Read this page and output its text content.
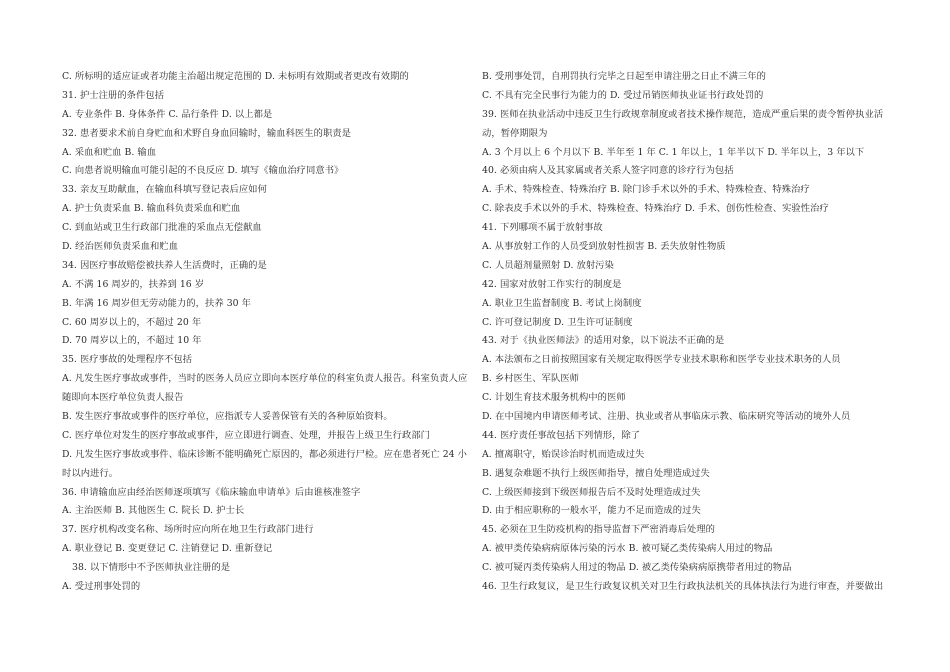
C. 所标明的适应证或者功能主治超出规定范围的 D. 未标明有效期或者更改有效期的
31. 护士注册的条件包括
A. 专业条件 B. 身体条件 C. 品行条件 D. 以上都是
32. 患者要求术前自身贮血和术野自身血回输时，输血科医生的职责是
A. 采血和贮血 B. 输血
C. 向患者说明输血可能引起的不良反应 D. 填写《输血治疗同意书》
33. 亲友互助献血，在输血科填写登记表后应如何
A. 护士负责采血 B. 输血科负责采血和贮血
C. 到血站或卫生行政部门批准的采血点无偿献血
D. 经治医师负责采血和贮血
34. 因医疗事故赔偿被扶养人生活费时，正确的是
A. 不满 16 周岁的，扶养到 16 岁
B. 年满 16 周岁但无劳动能力的，扶养 30 年
C. 60 周岁以上的，不超过 20 年
D. 70 周岁以上的，不超过 10 年
35. 医疗事故的处理程序不包括
A. 凡发生医疗事故或事件，当时的医务人员应立即向本医疗单位的科室负责人报告。科室负责人应
随即向本医疗单位负责人报告
B. 发生医疗事故或事件的医疗单位，应指派专人妥善保管有关的各种原始资料。
C. 医疗单位对发生的医疗事故或事件，应立即进行调查、处理，并报告上级卫生行政部门
D. 凡发生医疗事故或事件、临床诊断不能明确死亡原因的，都必须进行尸检。应在患者死亡 24 小
时以内进行。
36. 申请输血应由经治医师逐项填写《临床输血申请单》后由谁核准签字
A. 主治医师 B. 其他医生 C. 院长 D. 护士长
37. 医疗机构改变名称、场所时应向所在地卫生行政部门进行
A. 职业登记 B. 变更登记 C. 注销登记 D. 重新登记
38. 以下情形中不予医师执业注册的是
A. 受过刑事处罚的
B. 受刑事处罚，自刑罚执行完毕之日起至申请注册之日止不满三年的
C. 不具有完全民事行为能力的 D. 受过吊销医师执业证书行政处罚的
39. 医师在执业活动中违反卫生行政规章制度或者技术操作规范，造成严重后果的责令暂停执业活
动，暂停期限为
A. 3 个月以上 6 个月以下 B. 半年至 1 年 C. 1 年以上，1 年半以下 D. 半年以上，3 年以下
40. 必须由病人及其家属或者关系人签字同意的诊疗行为包括
A. 手术、特殊检查、特殊治疗 B. 除门诊手术以外的手术、特殊检查、特殊治疗
C. 除表皮手术以外的手术、特殊检查、特殊治疗 D. 手术、创伤性检查、实验性治疗
41. 下列哪项不属于放射事故
A. 从事放射工作的人员受到放射性损害 B. 丢失放射性物质
C. 人员超剂量照射 D. 放射污染
42. 国家对放射工作实行的制度是
A. 职业卫生监督制度 B. 考试上岗制度
C. 许可登记制度 D. 卫生许可证制度
43. 对于《执业医师法》的适用对象，以下说法不正确的是
A. 本法颁布之日前按照国家有关规定取得医学专业技术职称和医学专业技术职务的人员
B. 乡村医生、军队医师
C. 计划生育技术服务机构中的医师
D. 在中国境内申请医师考试、注册、执业或者从事临床示教、临床研究等活动的境外人员
44. 医疗责任事故包括下列情形，除了
A. 擅离职守，贻误诊治时机而造成过失
B. 遇复杂难题不执行上级医师指导，擅自处理造成过失
C. 上级医师接到下级医师报告后不及时处理造成过失
D. 由于相应职称的一般水平，能力不足而造成的过失
45. 必须在卫生防疫机构的指导监督下严密消毒后处理的
A. 被甲类传染病病原体污染的污水 B. 被可疑乙类传染病人用过的物品
C. 被可疑丙类传染病人用过的物品 D. 被乙类传染病病原携带者用过的物品
46. 卫生行政复议，是卫生行政复议机关对卫生行政执法机关的具体执法行为进行审查，并要做出
